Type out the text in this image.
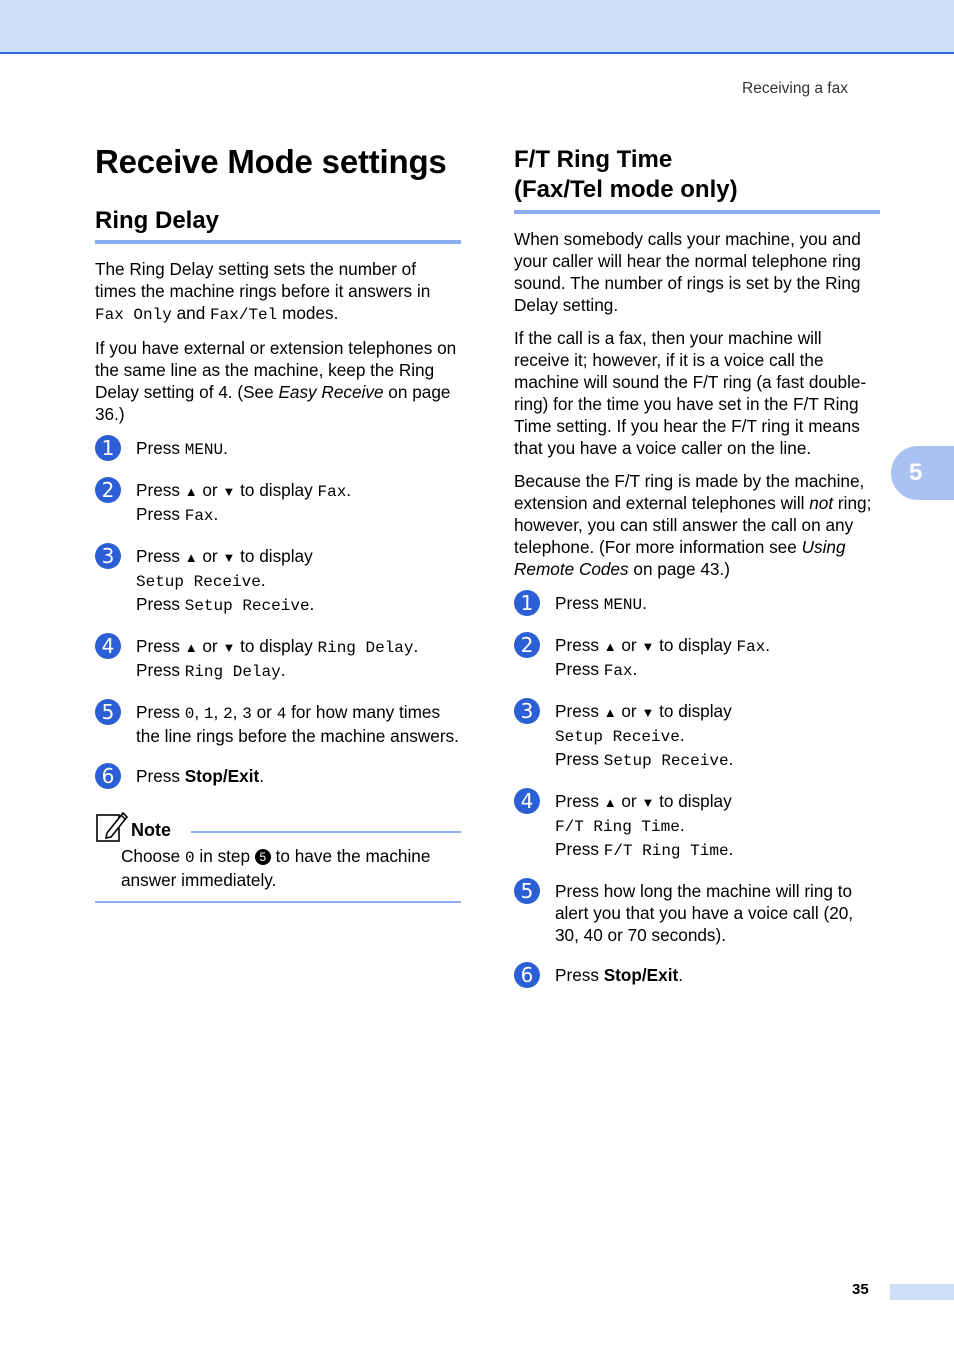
Receiving a fax
5
Receive Mode settings
Ring Delay

The Ring Delay setting sets the number of times the machine rings before it answers in Fax Only and Fax/Tel modes.

If you have external or extension telephones on the same line as the machine, keep the Ring Delay setting of 4. (See Easy Receive on page 36.)

1	Press MENU.
2	Press ▲ or ▼ to display Fax.
Press Fax.
3	Press ▲ or ▼ to display
Setup Receive.
Press Setup Receive.
4	Press ▲ or ▼ to display Ring Delay.
Press Ring Delay.
5	Press 0, 1, 2, 3 or 4 for how many times the line rings before the machine answers.
6	Press Stop/Exit.
Note
Choose 0 in step 5 to have the machine answer immediately.
F/T Ring Time
(Fax/Tel mode only)

When somebody calls your machine, you and your caller will hear the normal telephone ring sound. The number of rings is set by the Ring Delay setting.

If the call is a fax, then your machine will receive it; however, if it is a voice call the machine will sound the F/T ring (a fast double-ring) for the time you have set in the F/T Ring Time setting. If you hear the F/T ring it means that you have a voice caller on the line.

Because the F/T ring is made by the machine, extension and external telephones will not ring; however, you can still answer the call on any telephone. (For more information see Using Remote Codes on page 43.)

1	Press MENU.
2	Press ▲ or ▼ to display Fax.
Press Fax.
3	Press ▲ or ▼ to display
Setup Receive.
Press Setup Receive.
4	Press ▲ or ▼ to display
F/T Ring Time.
Press F/T Ring Time.
5	Press how long the machine will ring to alert you that you have a voice call (20, 30, 40 or 70 seconds).
6	Press Stop/Exit.
35
